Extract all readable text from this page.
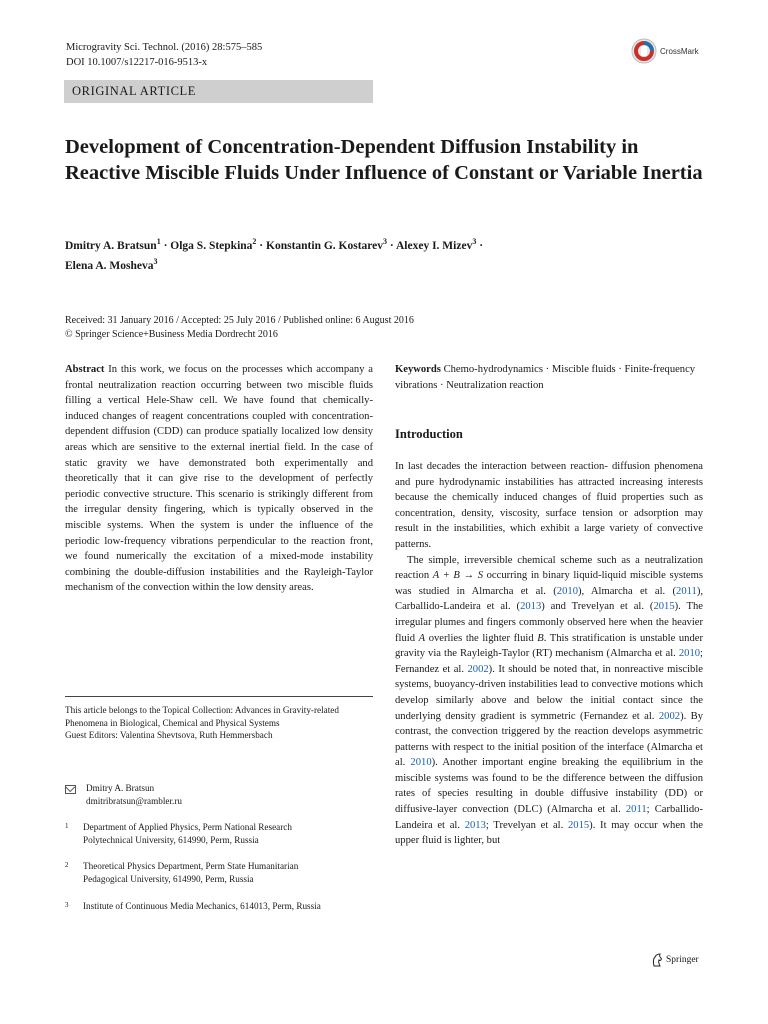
Microgravity Sci. Technol. (2016) 28:575–585
DOI 10.1007/s12217-016-9513-x
CrossMark
ORIGINAL ARTICLE
Development of Concentration-Dependent Diffusion Instability in Reactive Miscible Fluids Under Influence of Constant or Variable Inertia
Dmitry A. Bratsun$^1$ · Olga S. Stepkina$^2$ · Konstantin G. Kostarev$^3$ · Alexey I. Mizev$^3$ ·
Elena A. Mosheva$^3$
Received: 31 January 2016 / Accepted: 25 July 2016 / Published online: 6 August 2016
© Springer Science+Business Media Dordrecht 2016

Abstract In this work, we focus on the processes which accompany a frontal neutralization reaction occurring between two miscible fluids filling a vertical Hele-Shaw cell. We have found that chemically-induced changes of reagent concentrations coupled with concentration- dependent diffusion (CDD) can produce spatially localized low density areas which are sensitive to the external inertial field. In the case of static gravity we have demonstrated both experimentally and theoretically that it can give rise to the development of perfectly periodic convective structure. This scenario is strikingly different from the irregular density fingering, which is typically observed in the miscible systems. When the system is under the influence of the periodic low-frequency vibrations perpendicular to the reaction front, we found numerically the excitation of a mixed-mode instability combining the double-diffusion instabilities and the Rayleigh-Taylor mechanism of the convection within the low density areas.

This article belongs to the Topical Collection: Advances in Gravity-related Phenomena in Biological, Chemical and Physical Systems
Guest Editors: Valentina Shevtsova, Ruth Hemmersbach
Dmitry A. Bratsun
dmitribratsun@rambler.ru
1	Department of Applied Physics, Perm National Research Polytechnical University, 614990, Perm, Russia
2	Theoretical Physics Department, Perm State Humanitarian Pedagogical University, 614990, Perm, Russia
3	Institute of Continuous Media Mechanics, 614013, Perm, Russia

Keywords Chemo-hydrodynamics · Miscible fluids · Finite-frequency vibrations · Neutralization reaction

Introduction

In last decades the interaction between reaction- diffusion phenomena and pure hydrodynamic instabilities has attracted increasing interests because the chemically induced changes of fluid properties such as concentration, density, viscosity, surface tension or adsorption may result in the instabilities, which exhibit a large variety of convective patterns.

The simple, irreversible chemical scheme such as a neutralization reaction A + B → S occurring in binary liquid-liquid miscible systems was studied in Almarcha et al. (2010), Almarcha et al. (2011), Carballido-Landeira et al. (2013) and Trevelyan et al. (2015). The irregular plumes and fingers commonly observed here when the heavier fluid A overlies the lighter fluid B. This stratification is unstable under gravity via the Rayleigh-Taylor (RT) mechanism (Almarcha et al. 2010; Fernandez et al. 2002). It should be noted that, in nonreactive miscible systems, buoyancy-driven instabilities lead to convective motions which develop similarly above and below the initial contact since the underlying density gradient is symmetric (Fernandez et al. 2002). By contrast, the convection triggered by the reaction develops asymmetric patterns with respect to the initial position of the interface (Almarcha et al. 2010). Another important engine breaking the equilibrium in the miscible systems was found to be the difference between the diffusion rates of species resulting in double diffusive instability (DD) or diffusive-layer convection (DLC) (Almarcha et al. 2011; Carballido-Landeira et al. 2013; Trevelyan et al. 2015). It may occur when the upper fluid is lighter, but

Springer
